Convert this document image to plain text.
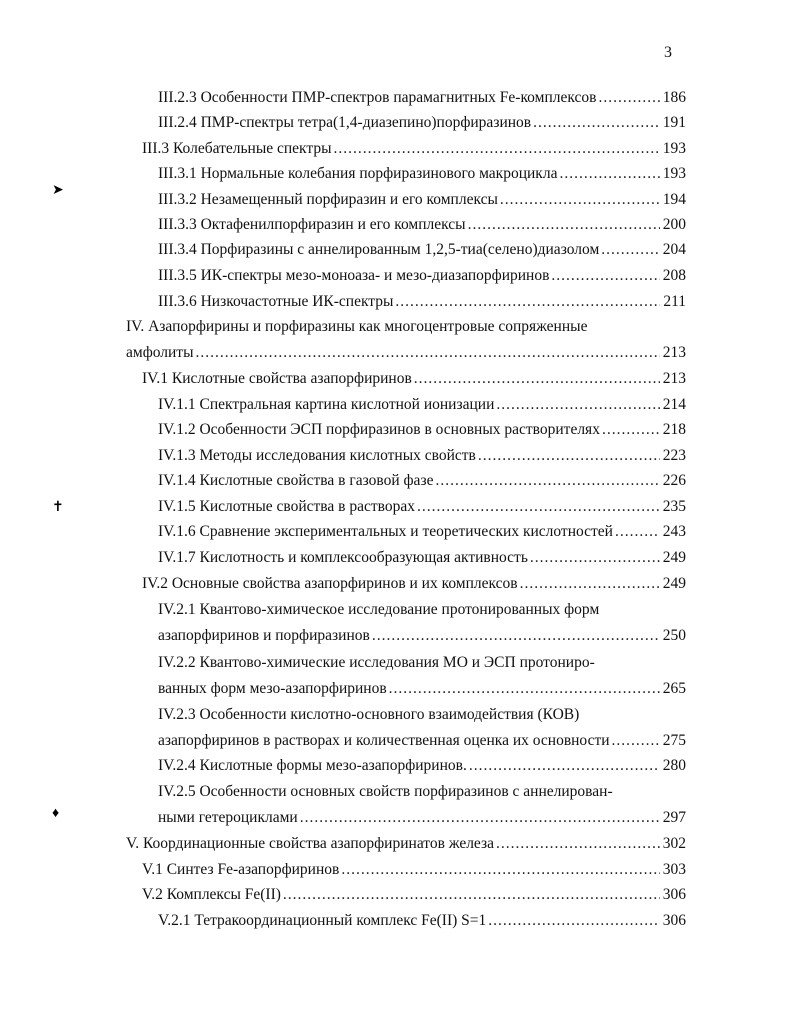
3
➤
✝
♦
III.2.3 Особенности ПМР-спектров парамагнитных Fe-комплексов .....	186
III.2.4 ПМР-спектры тетра(1,4-диазепино)порфиразинов .....	191
III.3 Колебательные спектры .....	193
III.3.1 Нормальные колебания порфиразинового макроцикла .....	193
III.3.2 Незамещенный порфиразин и его комплексы .....	194
III.3.3 Октафенилпорфиразин и его комплексы .....	200
III.3.4 Порфиразины с аннелированным 1,2,5-тиа(селено)диазолом .....	204
III.3.5 ИК-спектры мезо-моноаза- и мезо-диазапорфиринов .....	208
III.3.6 Низкочастотные ИК-спектры .....	211
IV. Азапорфирины и порфиразины как многоцентровые сопряженные
амфолиты .....	213
IV.1 Кислотные свойства азапорфиринов .....	213
IV.1.1 Спектральная картина кислотной ионизации .....	214
IV.1.2 Особенности ЭСП порфиразинов в основных растворителях .....	218
IV.1.3 Методы исследования кислотных свойств .....	223
IV.1.4 Кислотные свойства в газовой фазе .....	226
IV.1.5 Кислотные свойства в растворах .....	235
IV.1.6 Сравнение экспериментальных и теоретических кислотностей .....	243
IV.1.7 Кислотность и комплексообразующая активность .....	249
IV.2 Основные свойства азапорфиринов и их комплексов .....	249
IV.2.1 Квантово-химическое исследование протонированных форм
азапорфиринов и порфиразинов .....	250
IV.2.2 Квантово-химические исследования МО и ЭСП протониро-
ванных форм мезо-азапорфиринов .....	265
IV.2.3 Особенности кислотно-основного взаимодействия (КОВ)
азапорфиринов в растворах и количественная оценка их основности .....	275
IV.2.4 Кислотные формы мезо-азапорфиринов. .....	280
IV.2.5 Особенности основных свойств порфиразинов с аннелирован-
ными гетероциклами .....	297
V. Координационные свойства азапорфиринатов железа .....	302
V.1 Синтез Fe-азапорфиринов .....	303
V.2 Комплексы Fe(II) .....	306
V.2.1 Тетракоординационный комплекс Fe(II) S=1 .....	306
